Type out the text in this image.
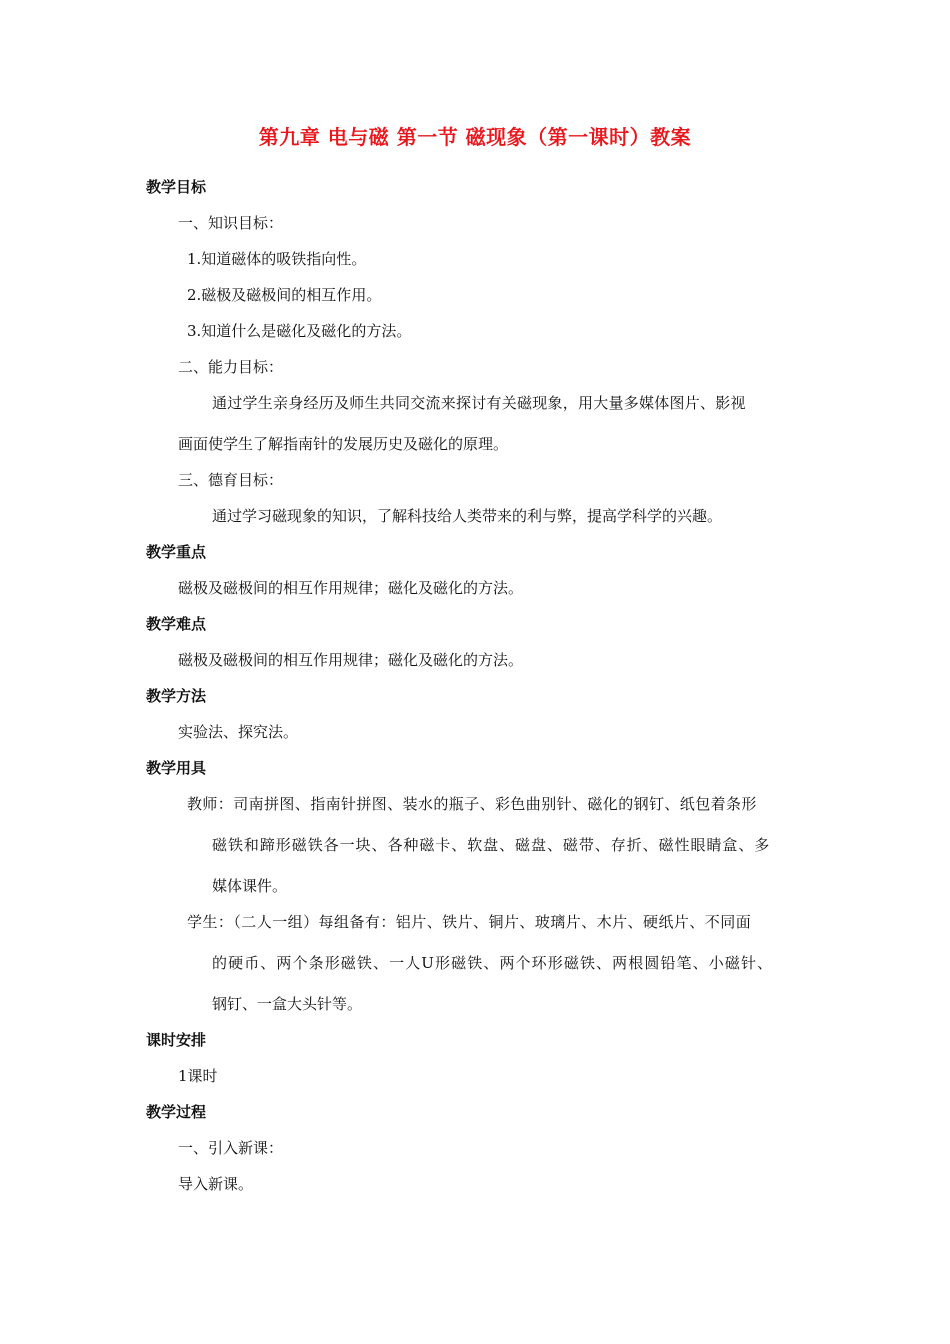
第九章 电与磁 第一节 磁现象（第一课时）教案
教学目标
一、知识目标：
1.知道磁体的吸铁指向性。
2.磁极及磁极间的相互作用。
3.知道什么是磁化及磁化的方法。
二、能力目标：
通过学生亲身经历及师生共同交流来探讨有关磁现象，用大量多媒体图片、影视
画面使学生了解指南针的发展历史及磁化的原理。
三、德育目标：
通过学习磁现象的知识，了解科技给人类带来的利与弊，提高学科学的兴趣。
教学重点
磁极及磁极间的相互作用规律；磁化及磁化的方法。
教学难点
磁极及磁极间的相互作用规律；磁化及磁化的方法。
教学方法
实验法、探究法。
教学用具
教师：司南拼图、指南针拼图、装水的瓶子、彩色曲别针、磁化的钢钉、纸包着条形
磁铁和蹄形磁铁各一块、各种磁卡、软盘、磁盘、磁带、存折、磁性眼睛盒、多
媒体课件。
学生：（二人一组）每组备有：铝片、铁片、铜片、玻璃片、木片、硬纸片、不同面
的硬币、两个条形磁铁、一人U形磁铁、两个环形磁铁、两根圆铅笔、小磁针、
钢钉、一盒大头针等。
课时安排
1课时
教学过程
一、引入新课：
导入新课。
